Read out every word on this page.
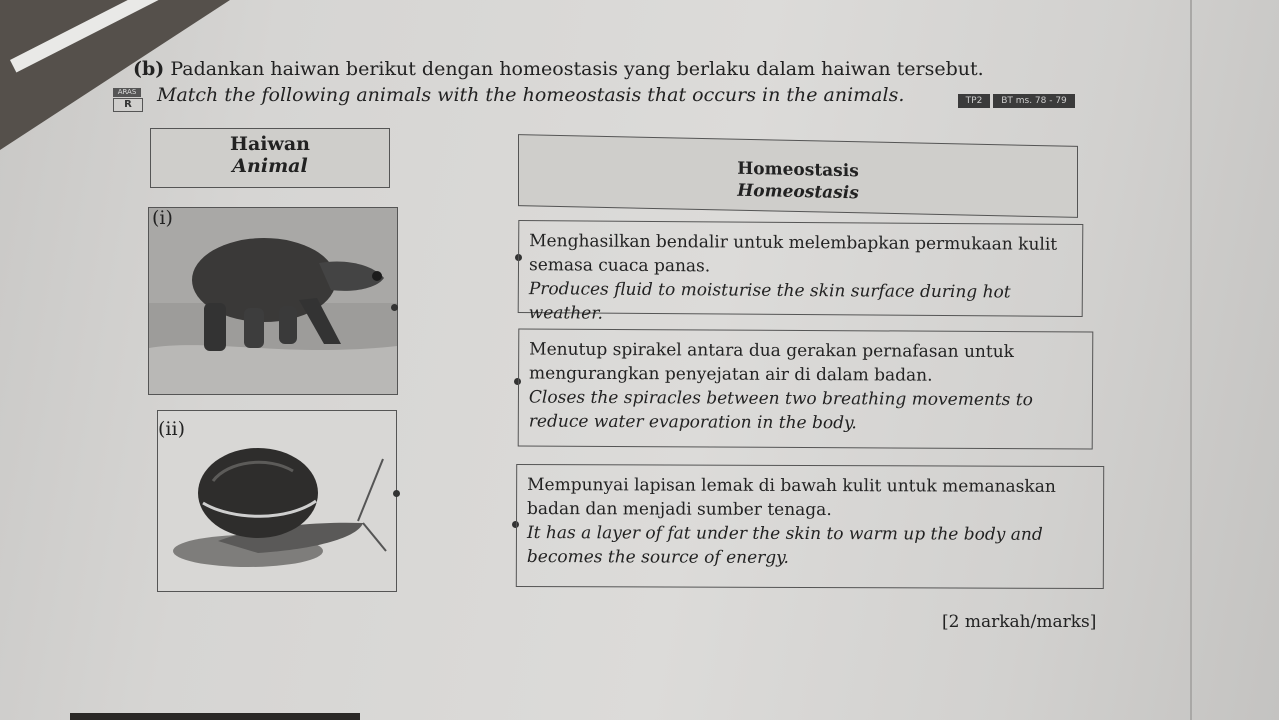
(b) Padankan haiwan berikut dengan homeostasis yang berlaku dalam haiwan tersebut.
Match the following animals with the homeostasis that occurs in the animals.
ARAS
R	TP2	BT ms. 78 - 79
Haiwan
Animal	Homeostasis
Homeostasis
(i)
(ii)
Menghasilkan bendalir untuk melembapkan permukaan kulit semasa cuaca panas.
Produces fluid to moisturise the skin surface during hot weather.
Menutup spirakel antara dua gerakan pernafasan untuk mengurangkan penyejatan air di dalam badan.
Closes the spiracles between two breathing movements to reduce water evaporation in the body.
Mempunyai lapisan lemak di bawah kulit untuk memanaskan badan dan menjadi sumber tenaga.
It has a layer of fat under the skin to warm up the body and becomes the source of energy.
[2 markah/marks]
